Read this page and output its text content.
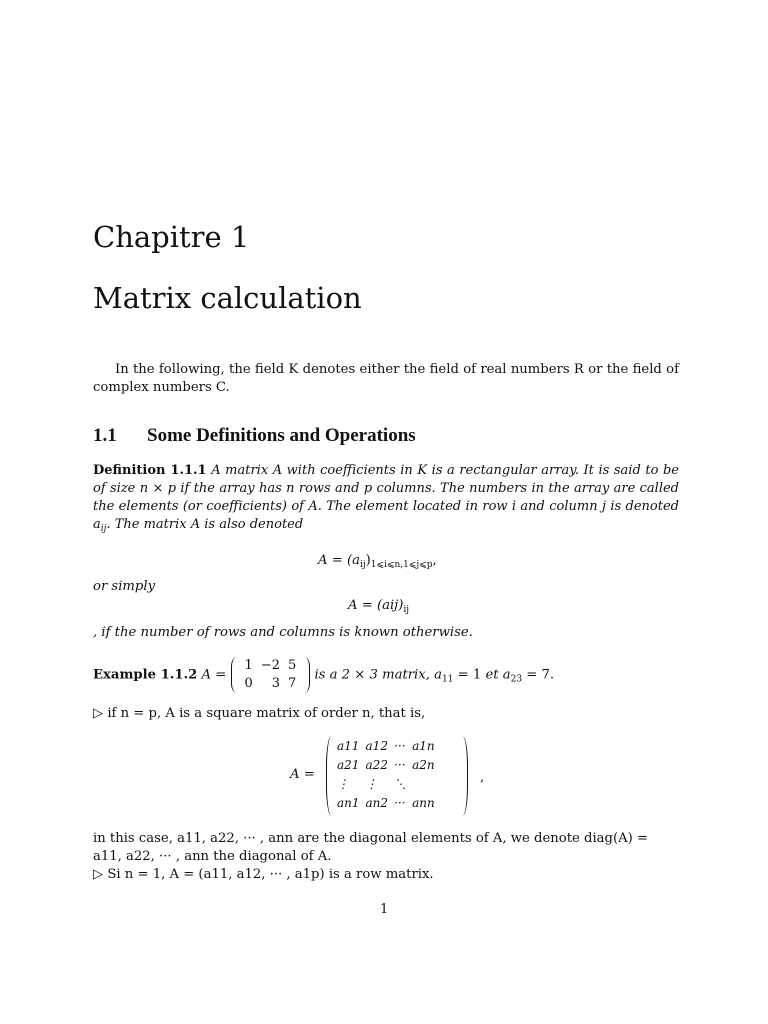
Chapitre 1
Matrix calculation
In the following, the field K denotes either the field of real numbers R or the field of complex numbers C.
1.1 Some Definitions and Operations
Definition 1.1.1 A matrix A with coefficients in K is a rectangular array. It is said to be of size n × p if the array has n rows and p columns. The numbers in the array are called the elements (or coefficients) of A. The element located in row i and column j is denoted $a_{ij}$. The matrix A is also denoted
$A = (a_{ij})_{1⩽i⩽n,1⩽j⩽p}$,
or simply
$A = (aij)_{ij}$
, if the number of rows and columns is known otherwise.
Example 1.1.2 A =
1	−2	5
0	3	7
is a 2 × 3 matrix, $a_{11} = 1$ et $a_{23} = 7$.
▷ if n = p, A is a square matrix of order n, that is,
A =
a11	a12	···	a1n
a21	a22	···	a2n
⋮	⋮	⋱	
an1	an2	···	ann
,
in this case, a11, a22, ··· , ann are the diagonal elements of A, we denote diag(A) =
a11, a22, ··· , ann the diagonal of A.
▷ Si n = 1, A = (a11, a12, ··· , a1p) is a row matrix.
1
